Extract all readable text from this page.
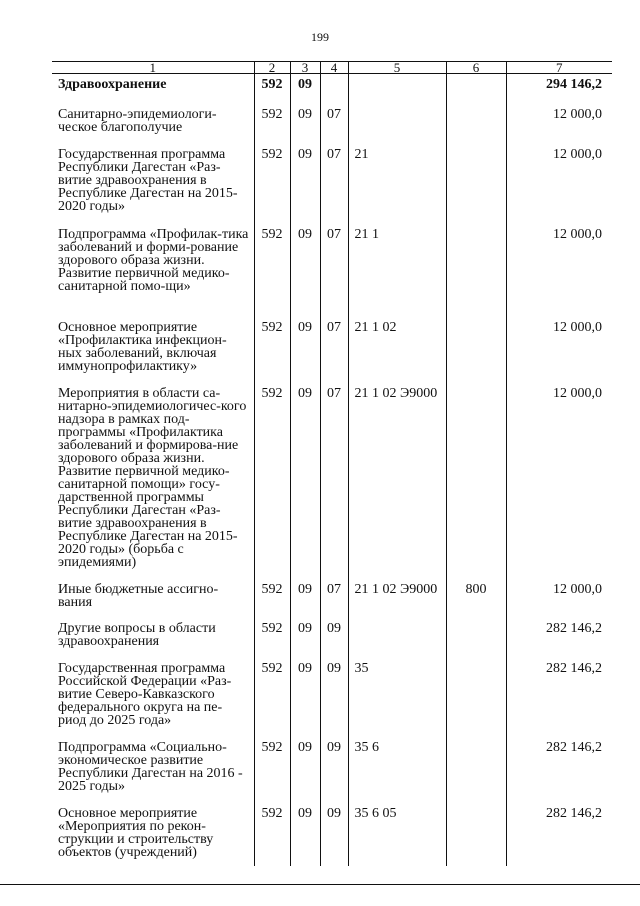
199
1	2	3	4	5	6	7
Здравоохранение	592	09				294 146,2
Санитарно-эпидемиологи-ческое благополучие	592	09	07			12 000,0
Государственная программа Республики Дагестан «Раз-витие здравоохранения в Республике Дагестан на 2015-2020 годы»	592	09	07	21		12 000,0
Подпрограмма «Профилак-тика заболеваний и форми-рование здорового образа жизни. Развитие первичной медико-санитарной помо-щи»	592	09	07	21 1		12 000,0
Основное мероприятие «Профилактика инфекцион-ных заболеваний, включая иммунопрофилактику»	592	09	07	21 1 02		12 000,0
Мероприятия в области са-нитарно-эпидемиологичес-кого надзора в рамках под-программы «Профилактика заболеваний и формирова-ние здорового образа жизни. Развитие первичной медико-санитарной помощи» госу-дарственной программы Республики Дагестан «Раз-витие здравоохранения в Республике Дагестан на 2015-2020 годы» (борьба с эпидемиями)	592	09	07	21 1 02 Э9000		12 000,0
Иные бюджетные ассигно-вания	592	09	07	21 1 02 Э9000	800	12 000,0
Другие вопросы в области здравоохранения	592	09	09			282 146,2
Государственная программа Российской Федерации «Раз-витие Северо-Кавказского федерального округа на пе-риод до 2025 года»	592	09	09	35		282 146,2
Подпрограмма «Социально-экономическое развитие Республики Дагестан на 2016 - 2025 годы»	592	09	09	35 6		282 146,2
Основное мероприятие «Мероприятия по рекон-струкции и строительству объектов (учреждений)	592	09	09	35 6 05		282 146,2
